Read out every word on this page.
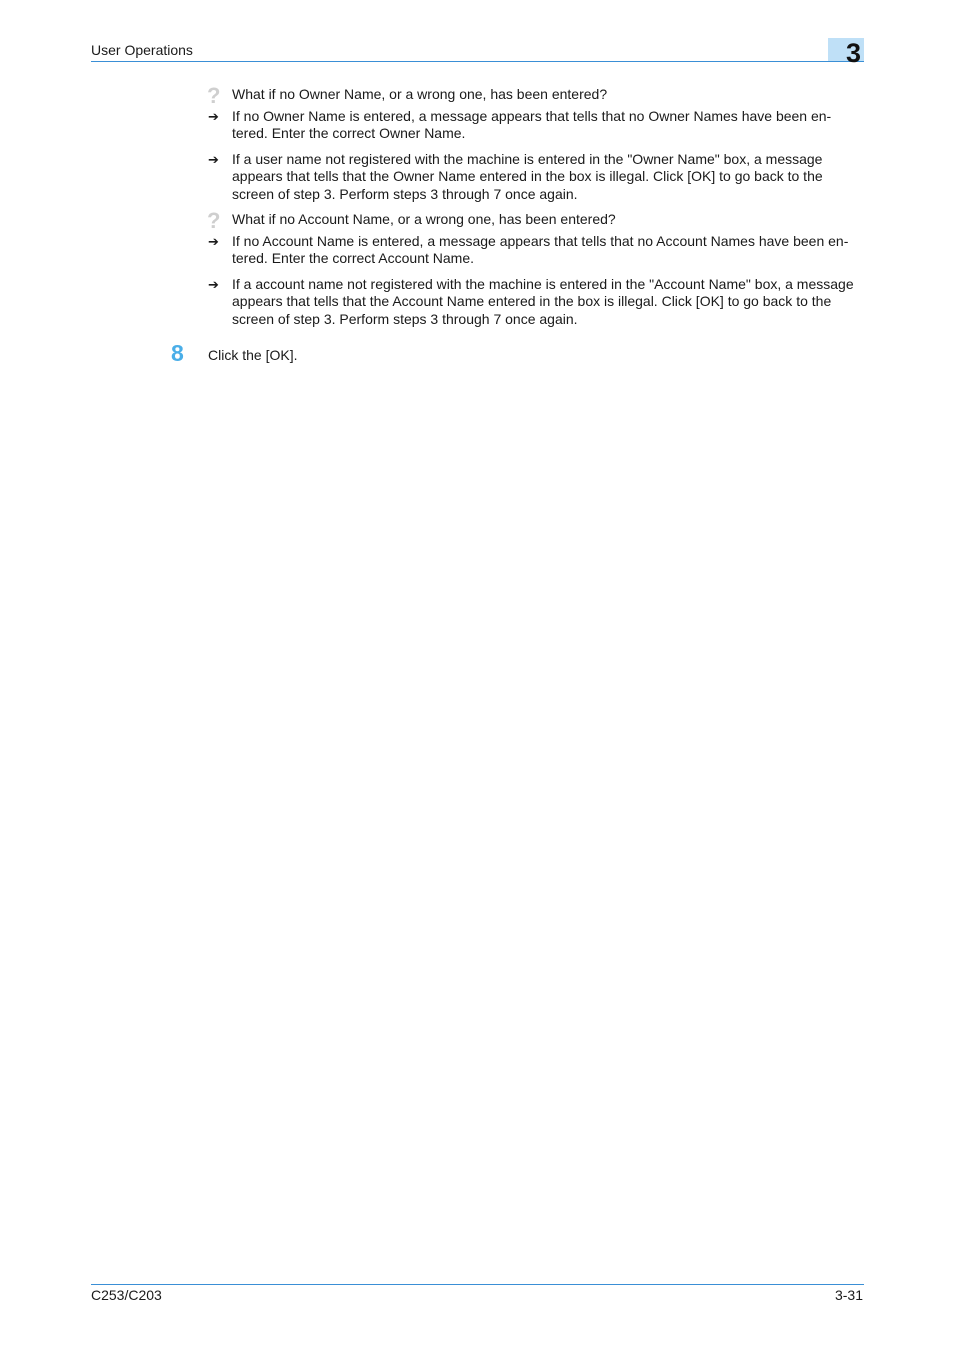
User Operations	3
? What if no Owner Name, or a wrong one, has been entered?
➔ If no Owner Name is entered, a message appears that tells that no Owner Names have been en-
tered. Enter the correct Owner Name.
➔ If a user name not registered with the machine is entered in the "Owner Name" box, a message
appears that tells that the Owner Name entered in the box is illegal. Click [OK] to go back to the
screen of step 3. Perform steps 3 through 7 once again.
? What if no Account Name, or a wrong one, has been entered?
➔ If no Account Name is entered, a message appears that tells that no Account Names have been en-
tered. Enter the correct Account Name.
➔ If a account name not registered with the machine is entered in the "Account Name" box, a message
appears that tells that the Account Name entered in the box is illegal. Click [OK] to go back to the
screen of step 3. Perform steps 3 through 7 once again.
8 Click the [OK].
C253/C203	3-31
